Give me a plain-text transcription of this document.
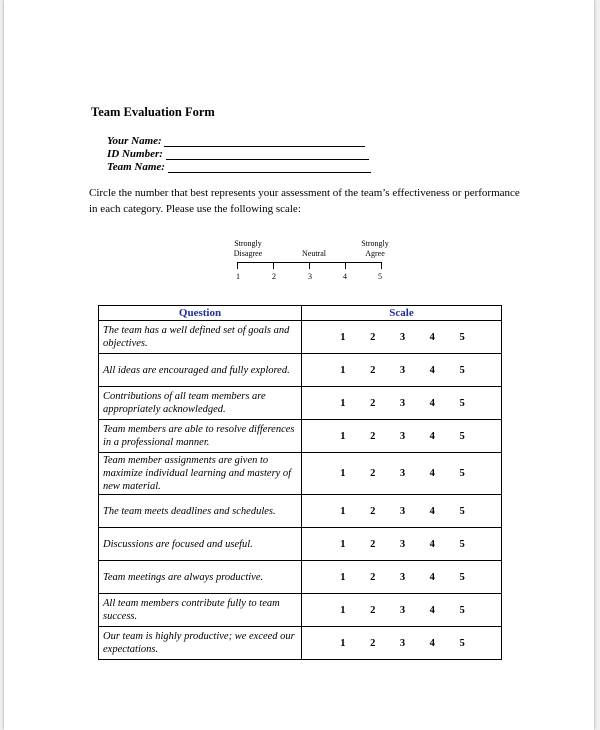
Team Evaluation Form
Your Name:
ID Number:
Team Name:
Circle the number that best represents your assessment of the team’s effectiveness or performance in each category. Please use the following scale:
Strongly
Disagree	Neutral
Strongly
Agree
1	2	3	4	5
Question	Scale
The team has a well defined set of goals and objectives.	1 2 3 4 5

All ideas are encouraged and fully explored.	1 2 3 4 5

Contributions of all team members are appropriately acknowledged.	1 2 3 4 5

Team members are able to resolve differences in a professional manner.	1 2 3 4 5

Team member assignments are given to maximize individual learning and mastery of new material.	1 2 3 4 5

The team meets deadlines and schedules.	1 2 3 4 5

Discussions are focused and useful.	1 2 3 4 5

Team meetings are always productive.	1 2 3 4 5

All team members contribute fully to team success.	1 2 3 4 5

Our team is highly productive; we exceed our expectations.	1 2 3 4 5
